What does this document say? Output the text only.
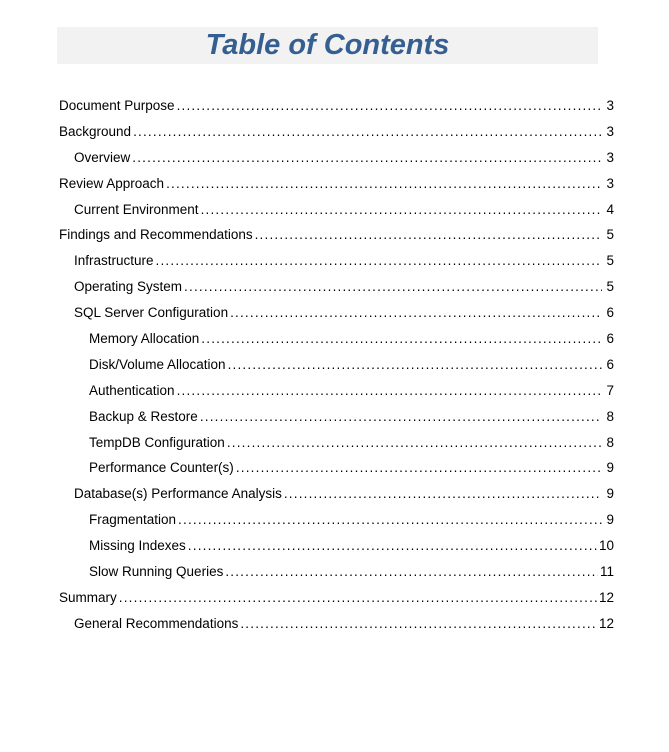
Table of Contents
Document Purpose .....	3
Background .....	3
Overview .....	3
Review Approach .....	3
Current Environment .....	4
Findings and Recommendations .....	5
Infrastructure .....	5
Operating System .....	5
SQL Server Configuration .....	6
Memory Allocation .....	6
Disk/Volume Allocation .....	6
Authentication .....	7
Backup & Restore .....	8
TempDB Configuration .....	8
Performance Counter(s) .....	9
Database(s) Performance Analysis .....	9
Fragmentation .....	9
Missing Indexes .....	10
Slow Running Queries .....	11
Summary .....	12
General Recommendations .....	12
